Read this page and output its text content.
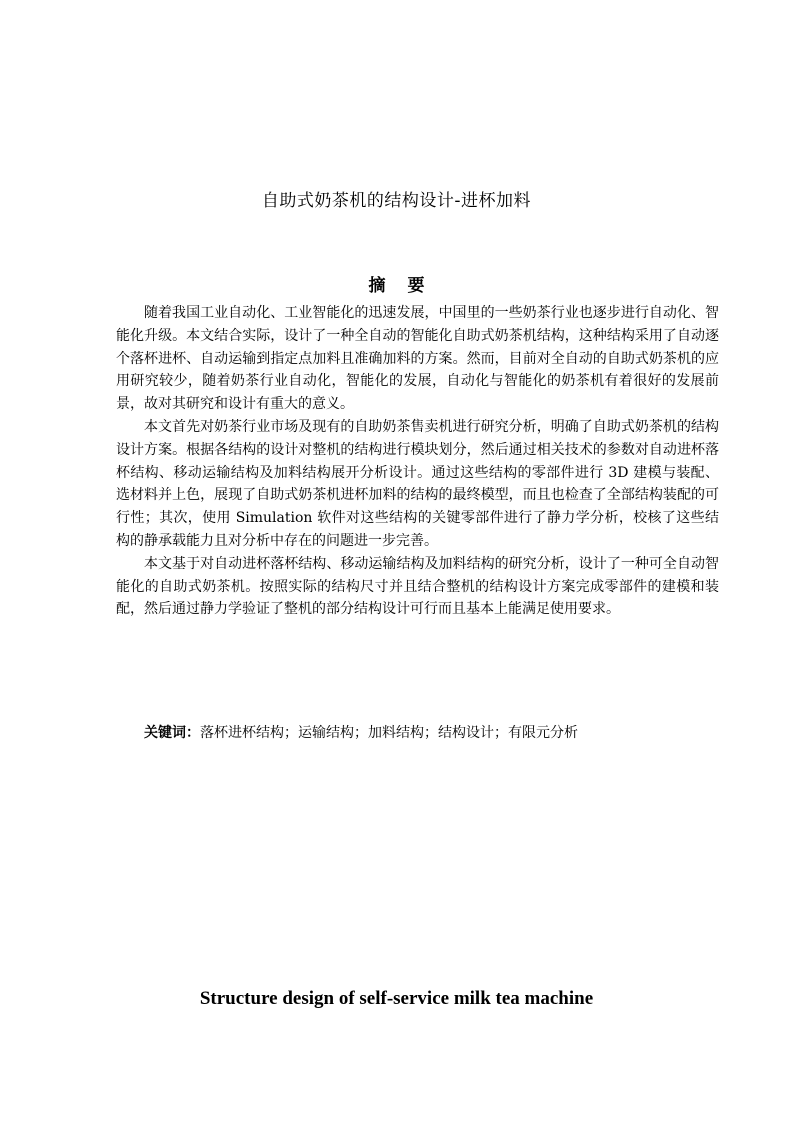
自助式奶茶机的结构设计-进杯加料
摘要

随着我国工业自动化、工业智能化的迅速发展，中国里的一些奶茶行业也逐步进行自动化、智能化升级。本文结合实际，设计了一种全自动的智能化自助式奶茶机结构，这种结构采用了自动逐个落杯进杯、自动运输到指定点加料且准确加料的方案。然而，目前对全自动的自助式奶茶机的应用研究较少，随着奶茶行业自动化，智能化的发展，自动化与智能化的奶茶机有着很好的发展前景，故对其研究和设计有重大的意义。

本文首先对奶茶行业市场及现有的自助奶茶售卖机进行研究分析，明确了自助式奶茶机的结构设计方案。根据各结构的设计对整机的结构进行模块划分，然后通过相关技术的参数对自动进杯落杯结构、移动运输结构及加料结构展开分析设计。通过这些结构的零部件进行 3D 建模与装配、选材料并上色，展现了自助式奶茶机进杯加料的结构的最终模型，而且也检查了全部结构装配的可行性；其次，使用 Simulation 软件对这些结构的关键零部件进行了静力学分析，校核了这些结构的静承载能力且对分析中存在的问题进一步完善。

本文基于对自动进杯落杯结构、移动运输结构及加料结构的研究分析，设计了一种可全自动智能化的自助式奶茶机。按照实际的结构尺寸并且结合整机的结构设计方案完成零部件的建模和装配，然后通过静力学验证了整机的部分结构设计可行而且基本上能满足使用要求。

关键词：落杯进杯结构；运输结构；加料结构；结构设计；有限元分析
Structure design of self-service milk tea machine
